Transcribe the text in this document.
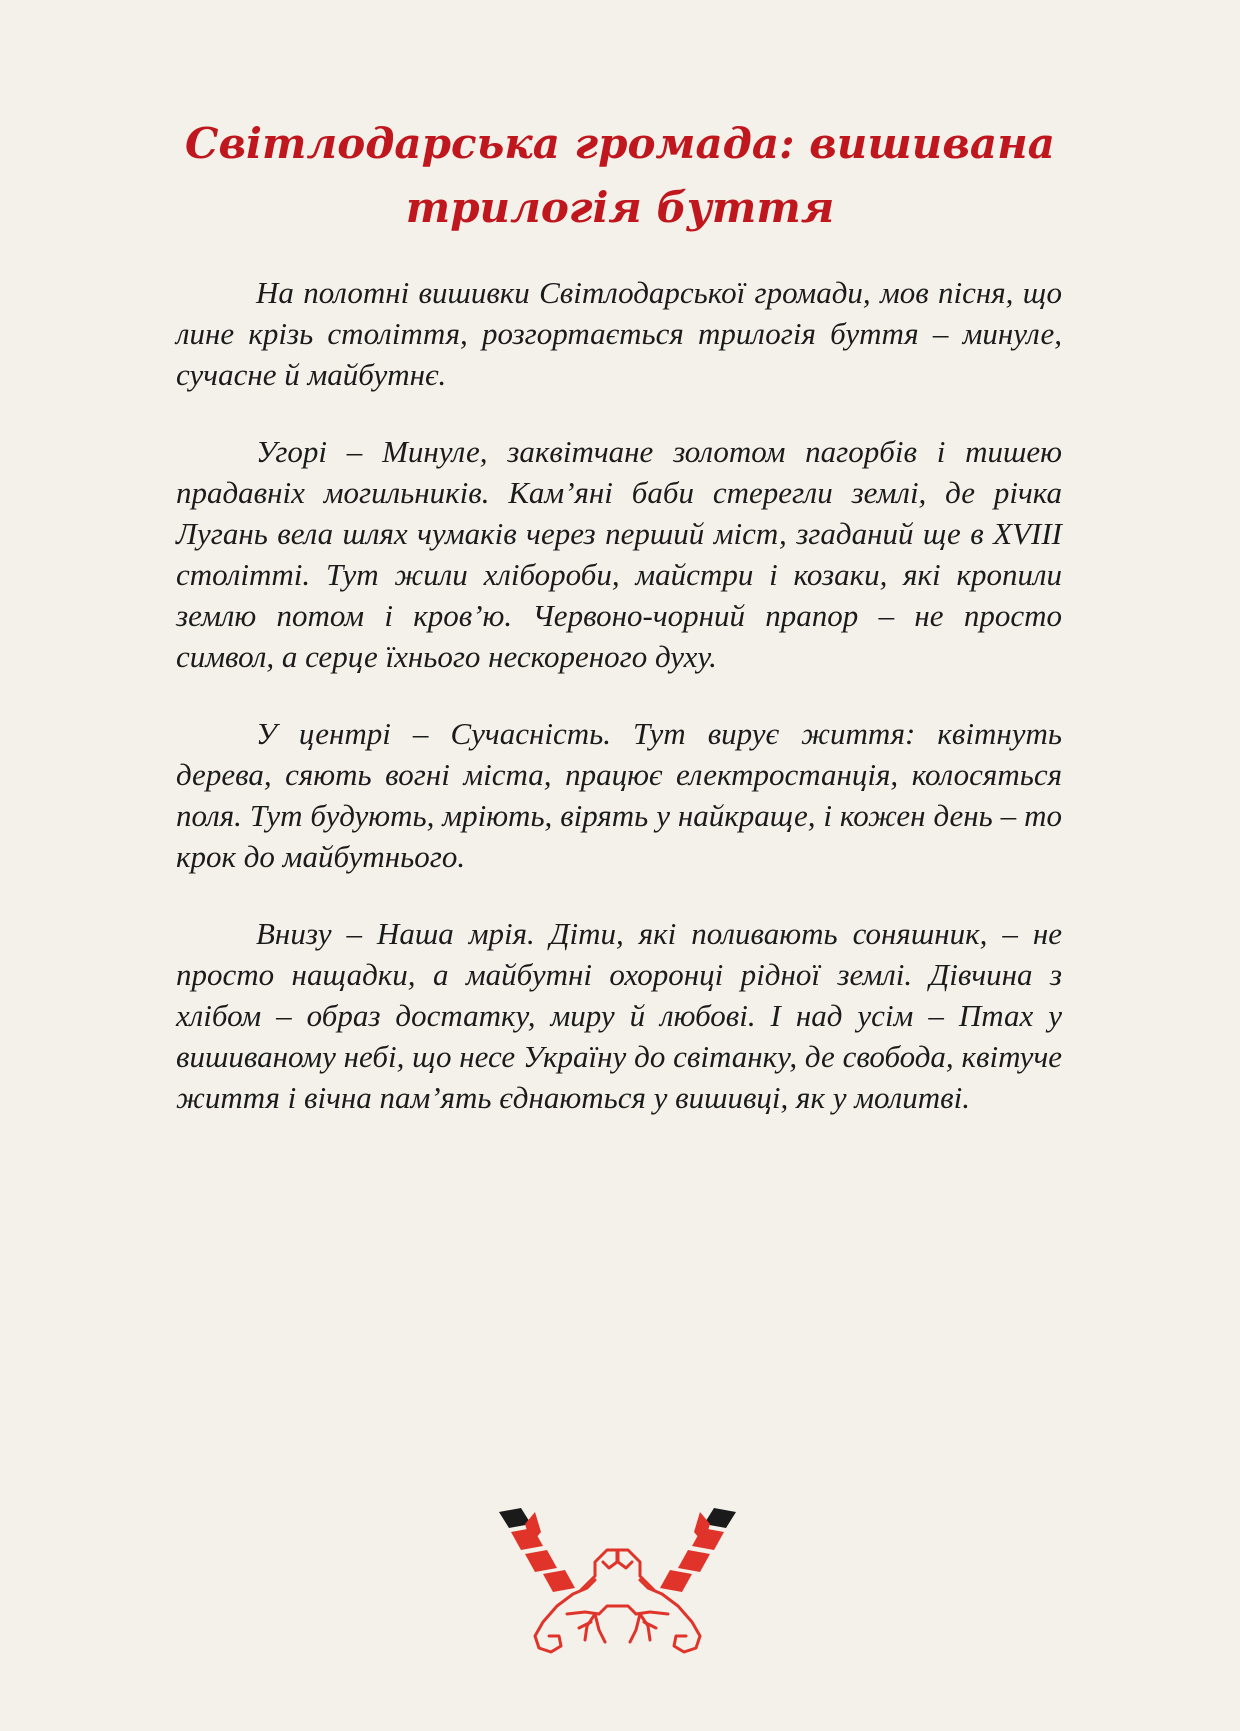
Світлодарська громада: вишивана трилогія буття

На полотні вишивки Світлодарської громади, мов пісня, що лине крізь століття, розгортається трилогія буття – минуле, сучасне й майбутнє.

Угорі – Минуле, заквітчане золотом пагорбів і тишею прадавніх могильників. Кам’яні баби стерегли землі, де річка Лугань вела шлях чумаків через перший міст, згаданий ще в XVIII столітті. Тут жили хлібороби, майстри і козаки, які кропили землю потом і кров’ю. Червоно-чорний прапор – не просто символ, а серце їхнього нескореного духу.

У центрі – Сучасність. Тут вирує життя: квітнуть дерева, сяють вогні міста, працює електростанція, колосяться поля. Тут будують, мріють, вірять у найкраще, і кожен день – то крок до майбутнього.

Внизу – Наша мрія. Діти, які поливають соняшник, – не просто нащадки, а майбутні охоронці рідної землі. Дівчина з хлібом – образ достатку, миру й любові. І над усім – Птах у вишиваному небі, що несе Україну до світанку, де свобода, квітуче життя і вічна пам’ять єднаються у вишивці, як у молитві.
